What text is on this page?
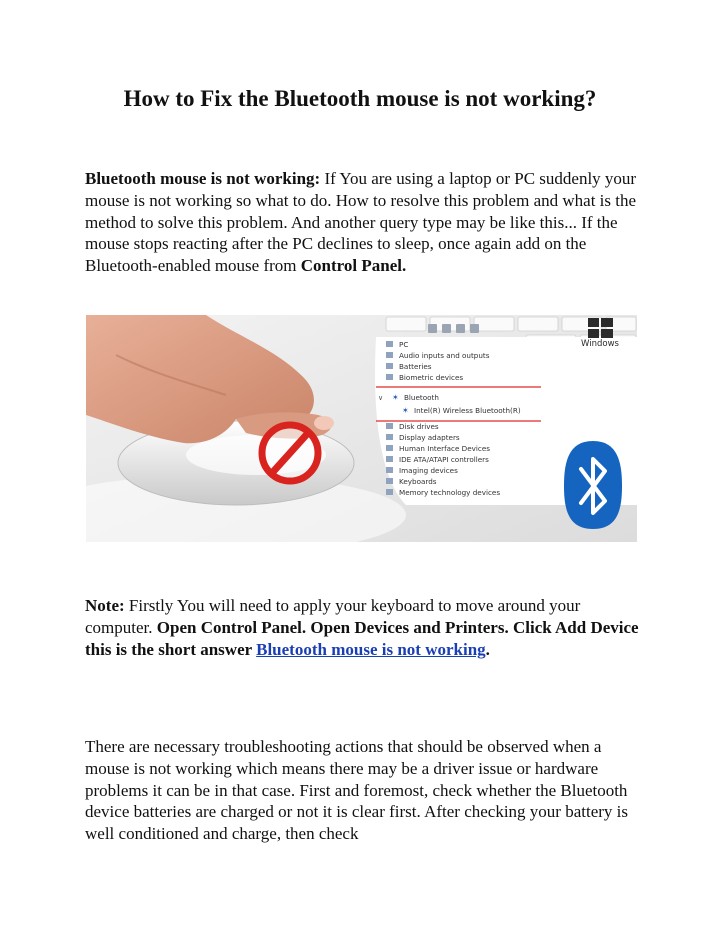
How to Fix the Bluetooth mouse is not working?

Bluetooth mouse is not working: If You are using a laptop or PC suddenly your mouse is not working so what to do. How to resolve this problem and what is the method to solve this problem. And another query type may be like this... If the mouse stops reacting after the PC declines to sleep, once again add on the Bluetooth-enabled mouse from Control Panel.

PC
Audio inputs and outputs
Batteries
Biometric devices
∨ ✶ Bluetooth
✶ Intel(R) Wireless Bluetooth(R)
Disk drives
Display adapters
Human Interface Devices
IDE ATA/ATAPI controllers
Imaging devices
Keyboards
Memory technology devices
Windows

Note: Firstly You will need to apply your keyboard to move around your computer. Open Control Panel. Open Devices and Printers. Click Add Device this is the short answer Bluetooth mouse is not working.

There are necessary troubleshooting actions that should be observed when a mouse is not working which means there may be a driver issue or hardware problems it can be in that case. First and foremost, check whether the Bluetooth device batteries are charged or not it is clear first. After checking your battery is well conditioned and charge, then check
